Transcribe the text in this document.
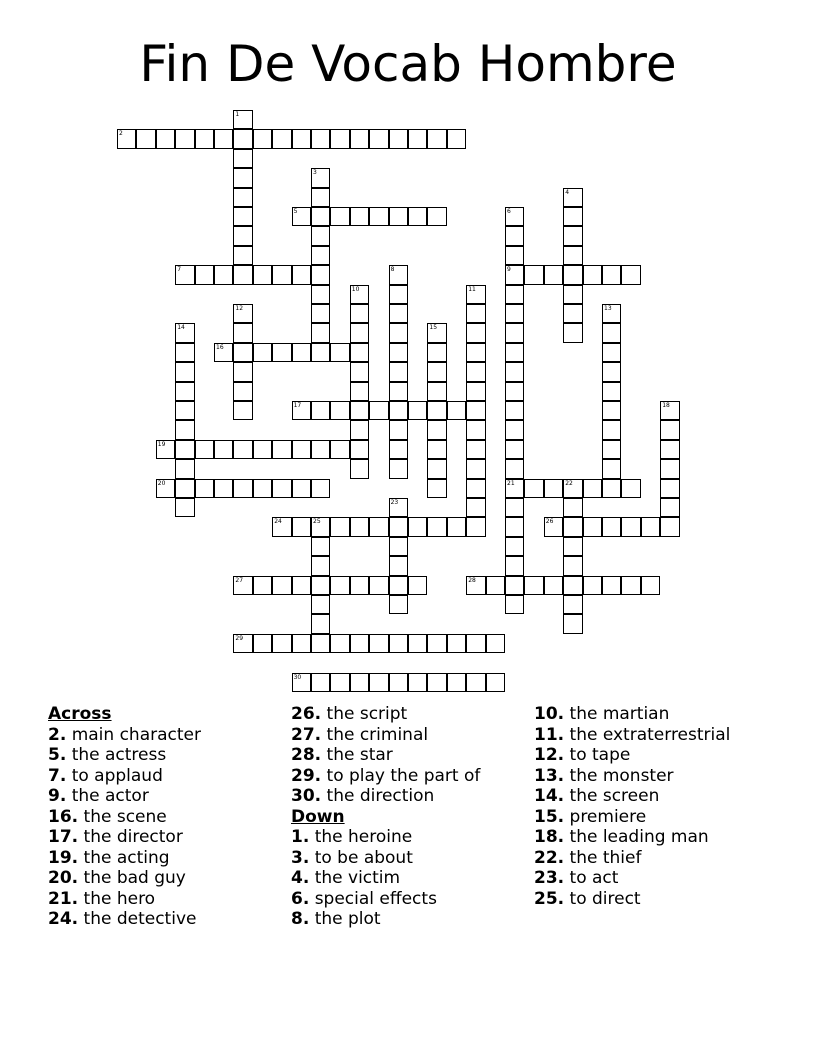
Fin De Vocab Hombre
1
2
3
4
5	6
9
21
7	8
10	11
12	13
14	15
16
17	18
19
20	22
23
24	25	26
27	28
29
30
Across
2. main character
5. the actress
7. to applaud
9. the actor
16. the scene
17. the director
19. the acting
20. the bad guy
21. the hero
24. the detective
26. the script
27. the criminal
28. the star
29. to play the part of
30. the direction
Down
1. the heroine
3. to be about
4. the victim
6. special effects
8. the plot
10. the martian
11. the extraterrestrial
12. to tape
13. the monster
14. the screen
15. premiere
18. the leading man
22. the thief
23. to act
25. to direct
